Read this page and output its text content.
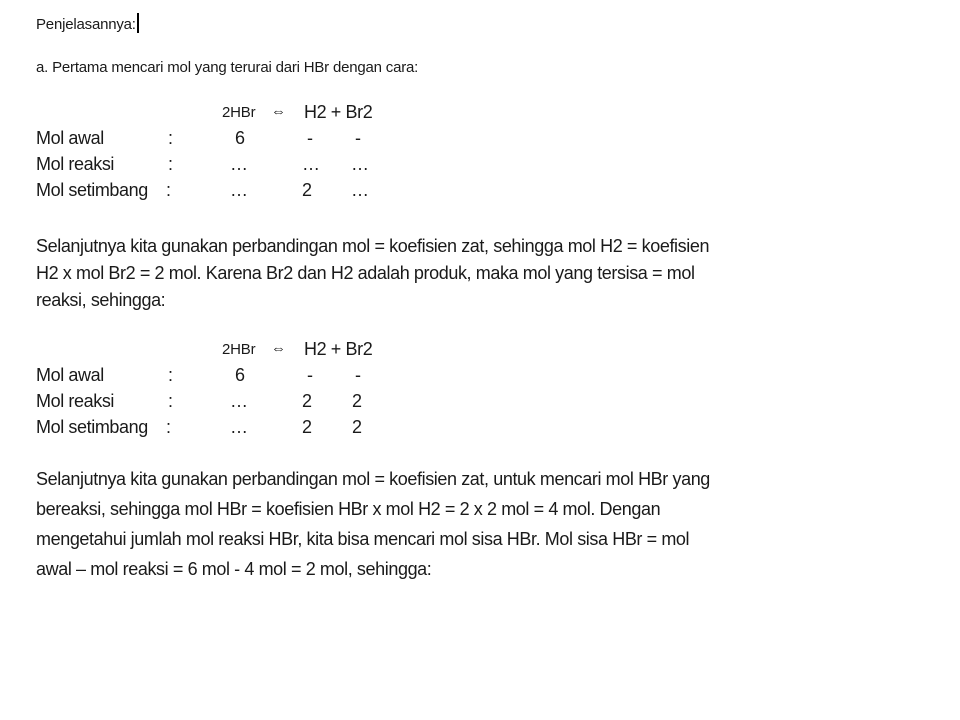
Penjelasannya:
a. Pertama mencari mol yang terurai dari HBr dengan cara:
2HBr ⇔ H2 + Br2
Mol awal	:	6	- -
Mol reaksi	:	…	… …
Mol setimbang :	…	2 …
Selanjutnya kita gunakan perbandingan mol = koefisien zat, sehingga mol H2 = koefisien
H2 x mol Br2 = 2 mol. Karena Br2 dan H2 adalah produk, maka mol yang tersisa = mol
reaksi, sehingga:
2HBr ⇔ H2 + Br2
Mol awal	:	6	- -
Mol reaksi	:	…	2 2
Mol setimbang :	…	2 2
Selanjutnya kita gunakan perbandingan mol = koefisien zat, untuk mencari mol HBr yang
bereaksi, sehingga mol HBr = koefisien HBr x mol H2 = 2 x 2 mol = 4 mol. Dengan
mengetahui jumlah mol reaksi HBr, kita bisa mencari mol sisa HBr. Mol sisa HBr = mol
awal – mol reaksi = 6 mol - 4 mol = 2 mol, sehingga:
